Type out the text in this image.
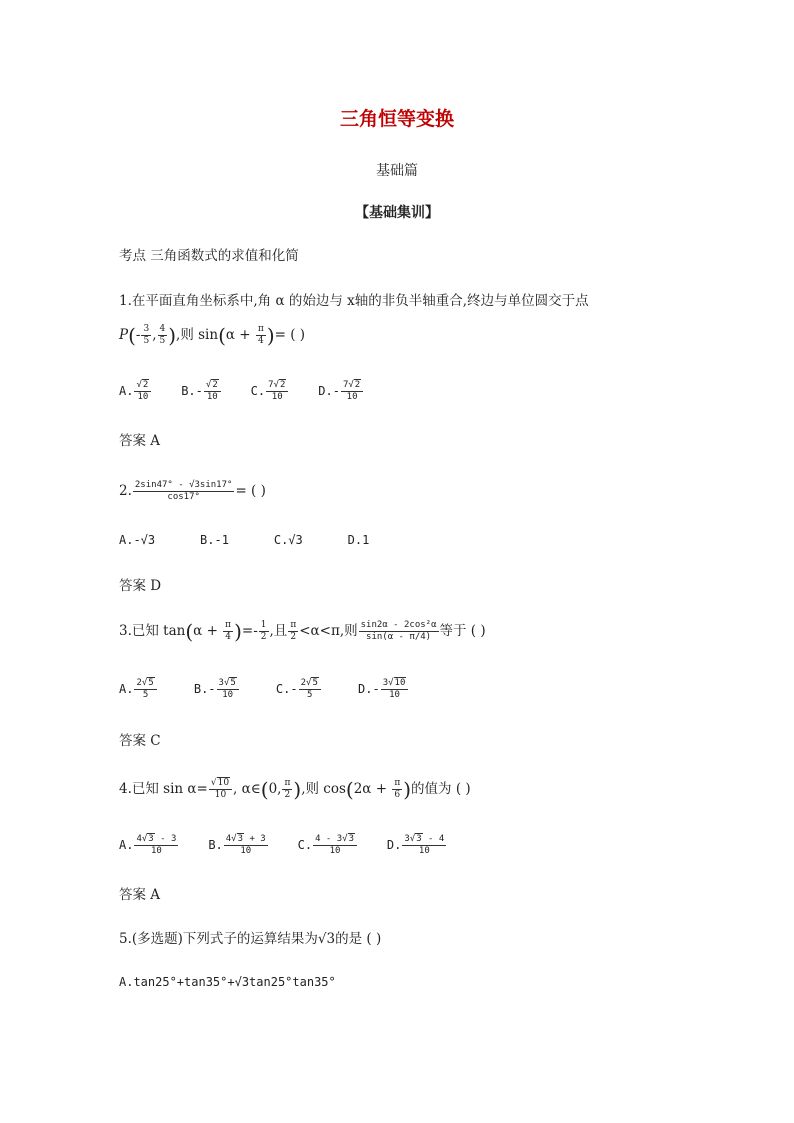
三角恒等变换
基础篇
【基础集训】
考点 三角函数式的求值和化简
1.在平面直角坐标系中,角 α 的始边与 x轴的非负半轴重合,终边与单位圆交于点
$P(- \frac{3}{5}$ , $\frac{4}{5}$ ),则 $\sin(\alpha + \frac{\pi}{4}$ )= ( )
A. $\frac{√2}{10} B.- \frac{√2}{10} C$. $\frac{7√2}{10} D.- \frac{7√2}{10}$
答案 A
2. $\frac{2\sin 47^\circ - √3\sin 17^\circ}{\cos 17^\circ}$ = ( )
A.-√3	B.-1	C.√3	D.1
答案 D
3.已知 $\tan(\alpha + \frac{\pi}{4}$ )=- $\frac{1}{2}$ ,且 $\frac{\pi}{2} <\alpha<\pi$,则 $\frac{\text{sin2α - 2cos²α}}{\sin(\alpha - \pi/4)}$ 等于 ( )
A. $\frac{2√5}{5}$	$B.- \frac{3√5}{10}$	$C.- \frac{2√5}{5}$	$D.- \frac{3√10}{10}$
答案 C
4.已知 $\sin \alpha= \frac{√10}{10}$ , α∈(0, $\frac{\pi}{2}$ ),则 $\cos(2\alpha + \frac{\pi}{6}$ )的值为 ( )
A. $\frac{4√3 - 3}{10} B$. $\frac{4√3 + 3}{10} C$. $\frac{4 - 3√3}{10} D$. $\frac{3√3 - 4}{10}$
答案 A
5.(多选题)下列式子的运算结果为√3的是 ( )
A.tan25°+tan35°+√3tan25°tan35°
